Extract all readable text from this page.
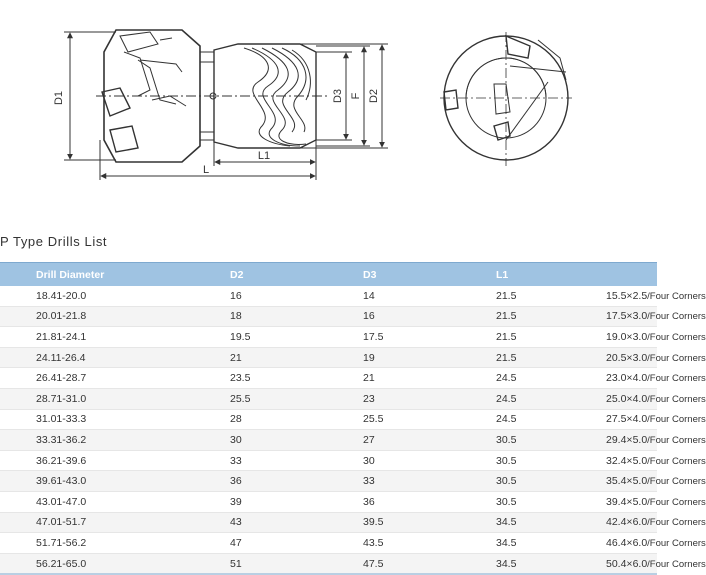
D1	D3 F D2
L1
L
P Type Drills List
Drill Diameter	D2	D3	L1	F
18.41-20.0	16	14	21.5	15.5×2.5/Four Corners
20.01-21.8	18	16	21.5	17.5×3.0/Four Corners
21.81-24.1	19.5	17.5	21.5	19.0×3.0/Four Corners
24.11-26.4	21	19	21.5	20.5×3.0/Four Corners
26.41-28.7	23.5	21	24.5	23.0×4.0/Four Corners
28.71-31.0	25.5	23	24.5	25.0×4.0/Four Corners
31.01-33.3	28	25.5	24.5	27.5×4.0/Four Corners
33.31-36.2	30	27	30.5	29.4×5.0/Four Corners
36.21-39.6	33	30	30.5	32.4×5.0/Four Corners
39.61-43.0	36	33	30.5	35.4×5.0/Four Corners
43.01-47.0	39	36	30.5	39.4×5.0/Four Corners
47.01-51.7	43	39.5	34.5	42.4×6.0/Four Corners
51.71-56.2	47	43.5	34.5	46.4×6.0/Four Corners
56.21-65.0	51	47.5	34.5	50.4×6.0/Four Corners
